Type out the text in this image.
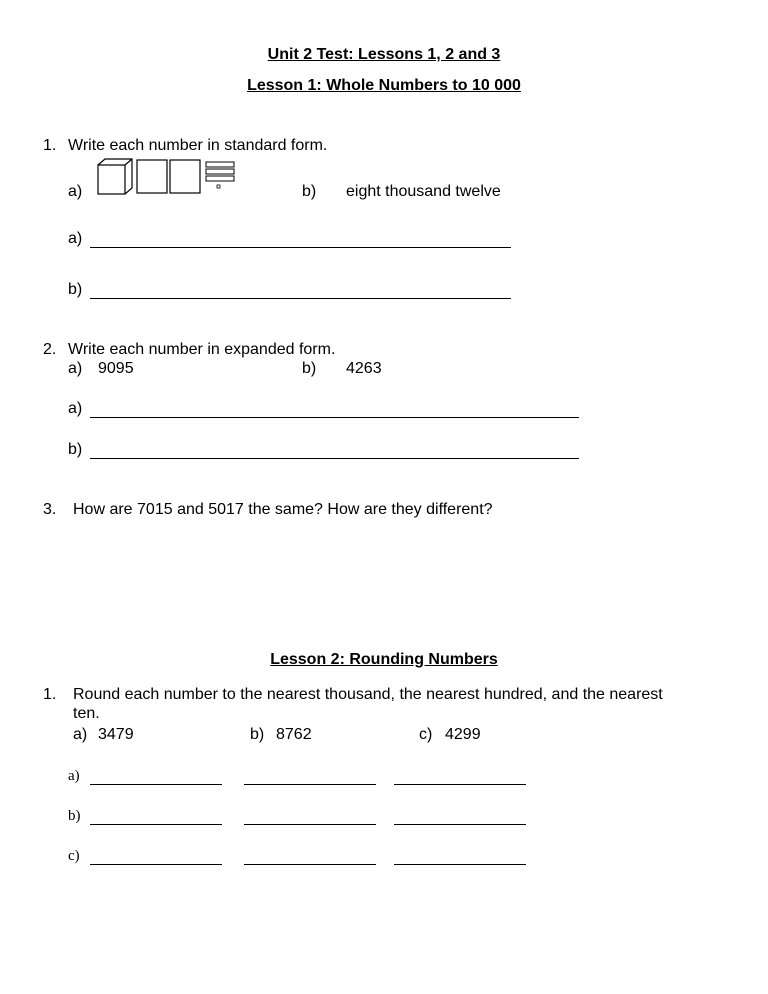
Unit 2 Test: Lessons 1, 2 and 3
Lesson 1: Whole Numbers to 10 000
1. Write each number in standard form.
a)	b) eight thousand twelve
a)
b)
2. Write each number in expanded form.
a) 9095	b) 4263
a)
b)
3. How are 7015 and 5017 the same? How are they different?
Lesson 2: Rounding Numbers
1. Round each number to the nearest thousand, the nearest hundred, and the nearest
ten.
a) 3479	b) 8762	c) 4299
a)
b)
c)
